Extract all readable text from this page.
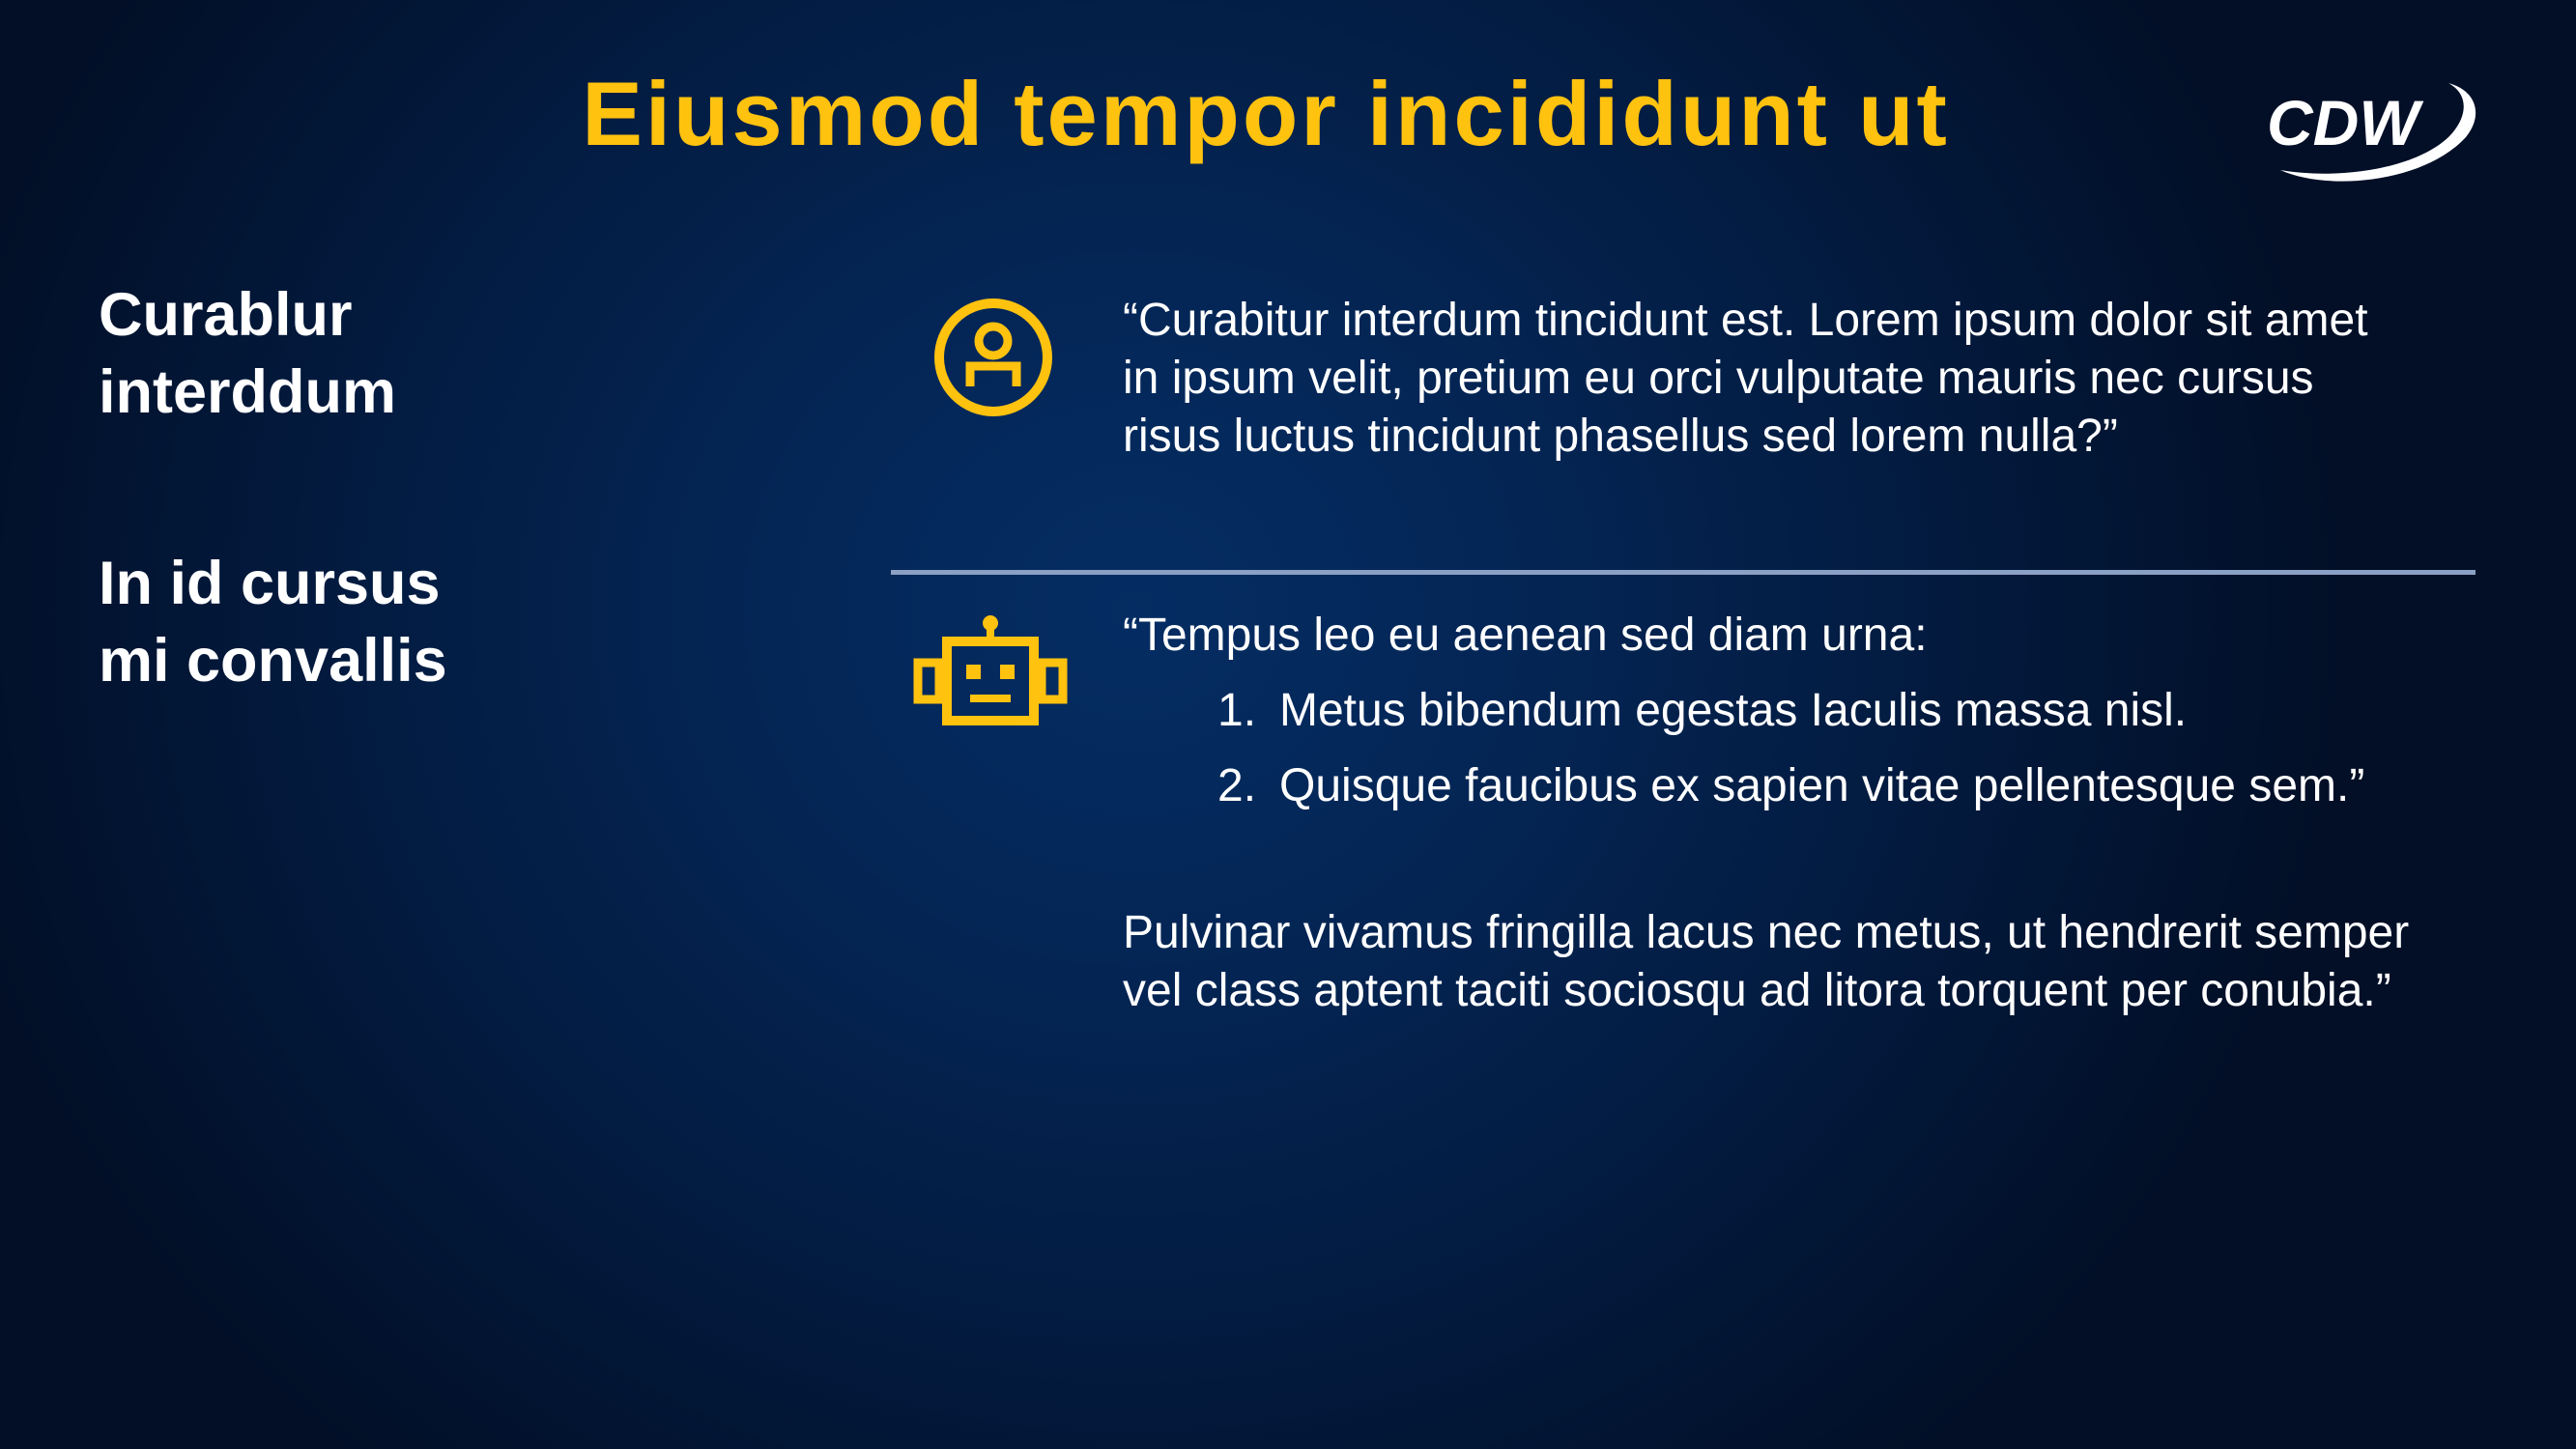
Eiusmod tempor incididunt ut	CDW
Curablur
interddum
In id cursus
mi convallis
“Curabitur interdum tincidunt est. Lorem ipsum dolor sit amet
in ipsum velit, pretium eu orci vulputate mauris nec cursus
risus luctus tincidunt phasellus sed lorem nulla?”
“Tempus leo eu aenean sed diam urna:
1. Metus bibendum egestas Iaculis massa nisl.
2. Quisque faucibus ex sapien vitae pellentesque sem.”
Pulvinar vivamus fringilla lacus nec metus, ut hendrerit semper
vel class aptent taciti sociosqu ad litora torquent per conubia.”
